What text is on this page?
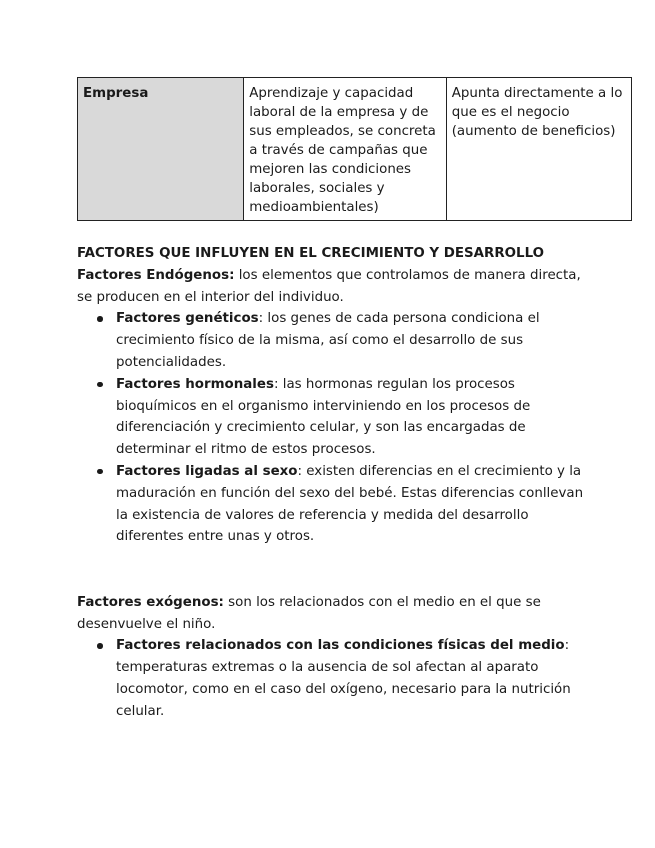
Empresa	Aprendizaje y capacidad laboral de la empresa y de sus empleados, se concreta a través de campañas que mejoren las condiciones laborales, sociales y medioambientales)	Apunta directamente a lo que es el negocio (aumento de beneficios)

FACTORES QUE INFLUYEN EN EL CRECIMIENTO Y DESARROLLO

Factores Endógenos: los elementos que controlamos de manera directa, se producen en el interior del individuo.

Factores genéticos: los genes de cada persona condiciona el crecimiento físico de la misma, así como el desarrollo de sus potencialidades.
Factores hormonales: las hormonas regulan los procesos bioquímicos en el organismo interviniendo en los procesos de diferenciación y crecimiento celular, y son las encargadas de determinar el ritmo de estos procesos.
Factores ligadas al sexo: existen diferencias en el crecimiento y la maduración en función del sexo del bebé. Estas diferencias conllevan la existencia de valores de referencia y medida del desarrollo diferentes entre unas y otros.

Factores exógenos: son los relacionados con el medio en el que se desenvuelve el niño.

Factores relacionados con las condiciones físicas del medio: temperaturas extremas o la ausencia de sol afectan al aparato locomotor, como en el caso del oxígeno, necesario para la nutrición celular.
